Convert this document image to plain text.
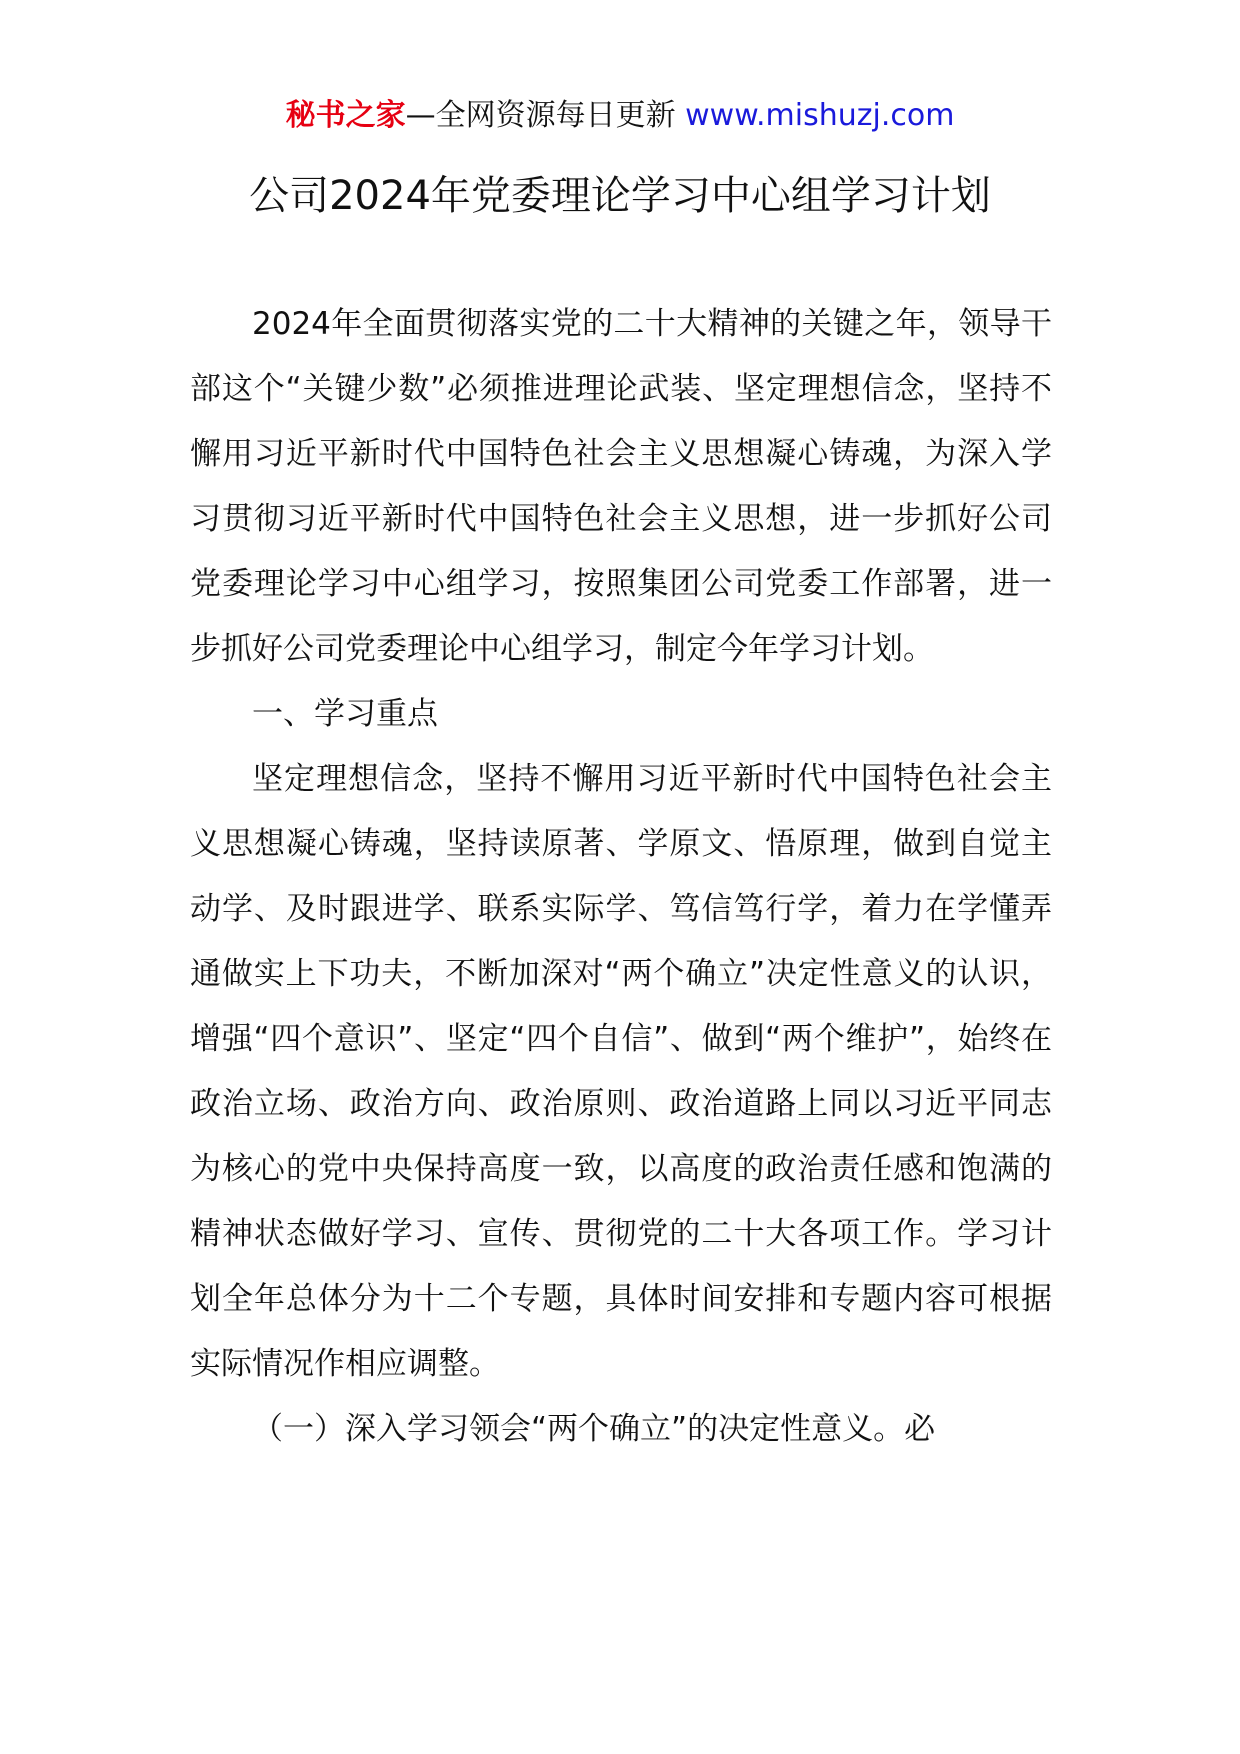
秘书之家—全网资源每日更新 www.mishuzj.com
公司2024年党委理论学习中心组学习计划

2024年全面贯彻落实党的二十大精神的关键之年，领导干部这个“关键少数”必须推进理论武装、坚定理想信念，坚持不懈用习近平新时代中国特色社会主义思想凝心铸魂，为深入学习贯彻习近平新时代中国特色社会主义思想，进一步抓好公司党委理论学习中心组学习，按照集团公司党委工作部署，进一步抓好公司党委理论中心组学习，制定今年学习计划。

一、学习重点

坚定理想信念，坚持不懈用习近平新时代中国特色社会主义思想凝心铸魂，坚持读原著、学原文、悟原理，做到自觉主动学、及时跟进学、联系实际学、笃信笃行学，着力在学懂弄通做实上下功夫，不断加深对“两个确立”决定性意义的认识，增强“四个意识”、坚定“四个自信”、做到“两个维护”，始终在政治立场、政治方向、政治原则、政治道路上同以习近平同志为核心的党中央保持高度一致，以高度的政治责任感和饱满的精神状态做好学习、宣传、贯彻党的二十大各项工作。学习计划全年总体分为十二个专题，具体时间安排和专题内容可根据实际情况作相应调整。

（一）深入学习领会“两个确立”的决定性意义。必
